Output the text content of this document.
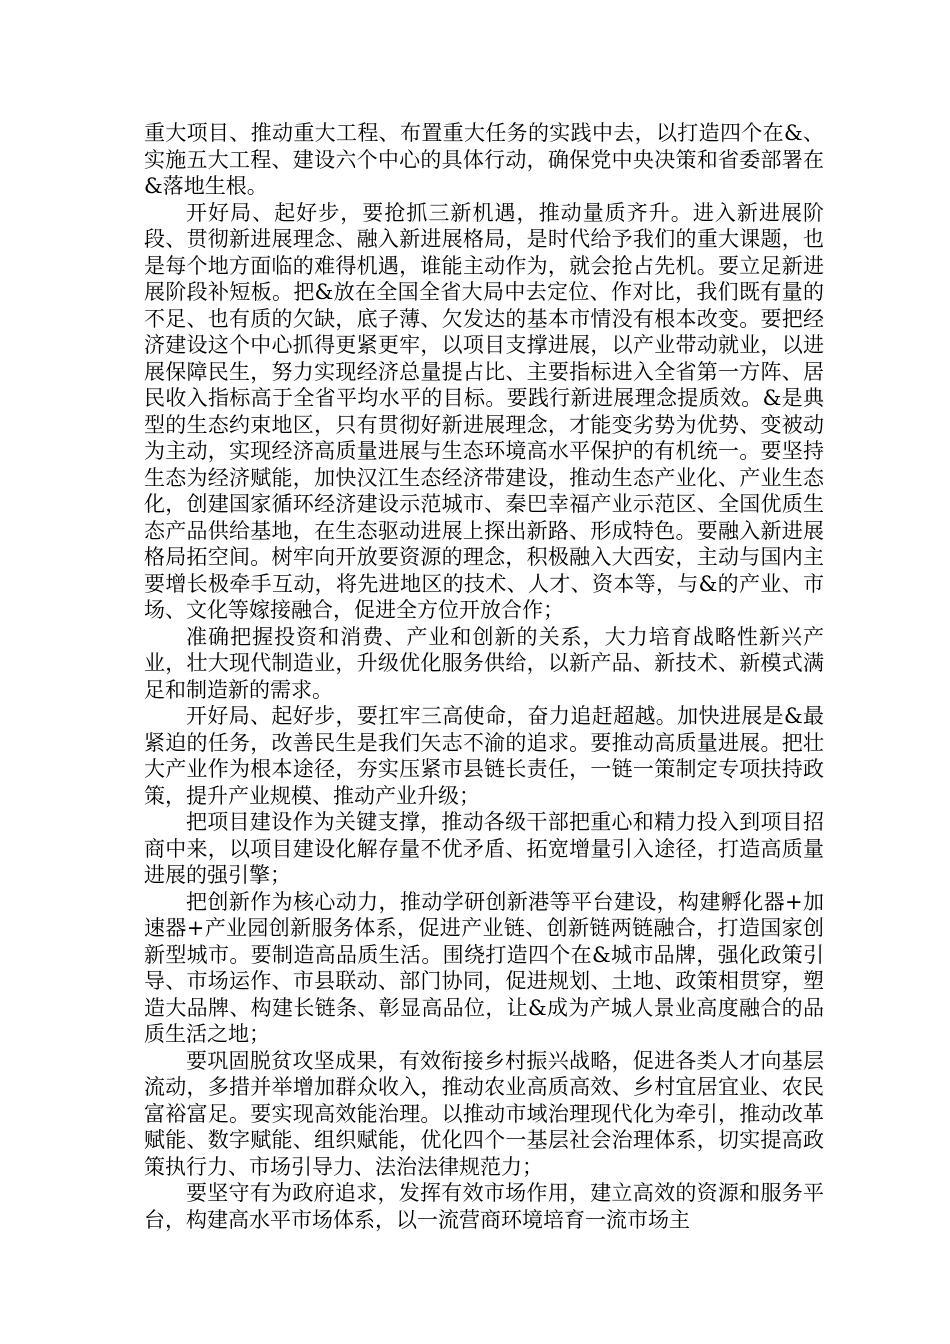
重大项目、推动重大工程、布置重大任务的实践中去，以打造四个在&、实施五大工程、建设六个中心的具体行动，确保党中央决策和省委部署在&落地生根。

开好局、起好步，要抢抓三新机遇，推动量质齐升。进入新进展阶段、贯彻新进展理念、融入新进展格局，是时代给予我们的重大课题，也是每个地方面临的难得机遇，谁能主动作为，就会抢占先机。要立足新进展阶段补短板。把&放在全国全省大局中去定位、作对比，我们既有量的不足、也有质的欠缺，底子薄、欠发达的基本市情没有根本改变。要把经济建设这个中心抓得更紧更牢，以项目支撑进展，以产业带动就业，以进展保障民生，努力实现经济总量提占比、主要指标进入全省第一方阵、居民收入指标高于全省平均水平的目标。要践行新进展理念提质效。&是典型的生态约束地区，只有贯彻好新进展理念，才能变劣势为优势、变被动为主动，实现经济高质量进展与生态环境高水平保护的有机统一。要坚持生态为经济赋能，加快汉江生态经济带建设，推动生态产业化、产业生态化，创建国家循环经济建设示范城市、秦巴幸福产业示范区、全国优质生态产品供给基地，在生态驱动进展上探出新路、形成特色。要融入新进展格局拓空间。树牢向开放要资源的理念，积极融入大西安，主动与国内主要增长极牵手互动，将先进地区的技术、人才、资本等，与&的产业、市场、文化等嫁接融合，促进全方位开放合作；

准确把握投资和消费、产业和创新的关系，大力培育战略性新兴产业，壮大现代制造业，升级优化服务供给，以新产品、新技术、新模式满足和制造新的需求。

开好局、起好步，要扛牢三高使命，奋力追赶超越。加快进展是&最紧迫的任务，改善民生是我们矢志不渝的追求。要推动高质量进展。把壮大产业作为根本途径，夯实压紧市县链长责任，一链一策制定专项扶持政策，提升产业规模、推动产业升级；

把项目建设作为关键支撑，推动各级干部把重心和精力投入到项目招商中来，以项目建设化解存量不优矛盾、拓宽增量引入途径，打造高质量进展的强引擎；

把创新作为核心动力，推动学研创新港等平台建设，构建孵化器+加速器+产业园创新服务体系，促进产业链、创新链两链融合，打造国家创新型城市。要制造高品质生活。围绕打造四个在&城市品牌，强化政策引导、市场运作、市县联动、部门协同，促进规划、土地、政策相贯穿，塑造大品牌、构建长链条、彰显高品位，让&成为产城人景业高度融合的品质生活之地；

要巩固脱贫攻坚成果，有效衔接乡村振兴战略，促进各类人才向基层流动，多措并举增加群众收入，推动农业高质高效、乡村宜居宜业、农民富裕富足。要实现高效能治理。以推动市域治理现代化为牵引，推动改革赋能、数字赋能、组织赋能，优化四个一基层社会治理体系，切实提高政策执行力、市场引导力、法治法律规范力；

要坚守有为政府追求，发挥有效市场作用，建立高效的资源和服务平台，构建高水平市场体系，以一流营商环境培育一流市场主
